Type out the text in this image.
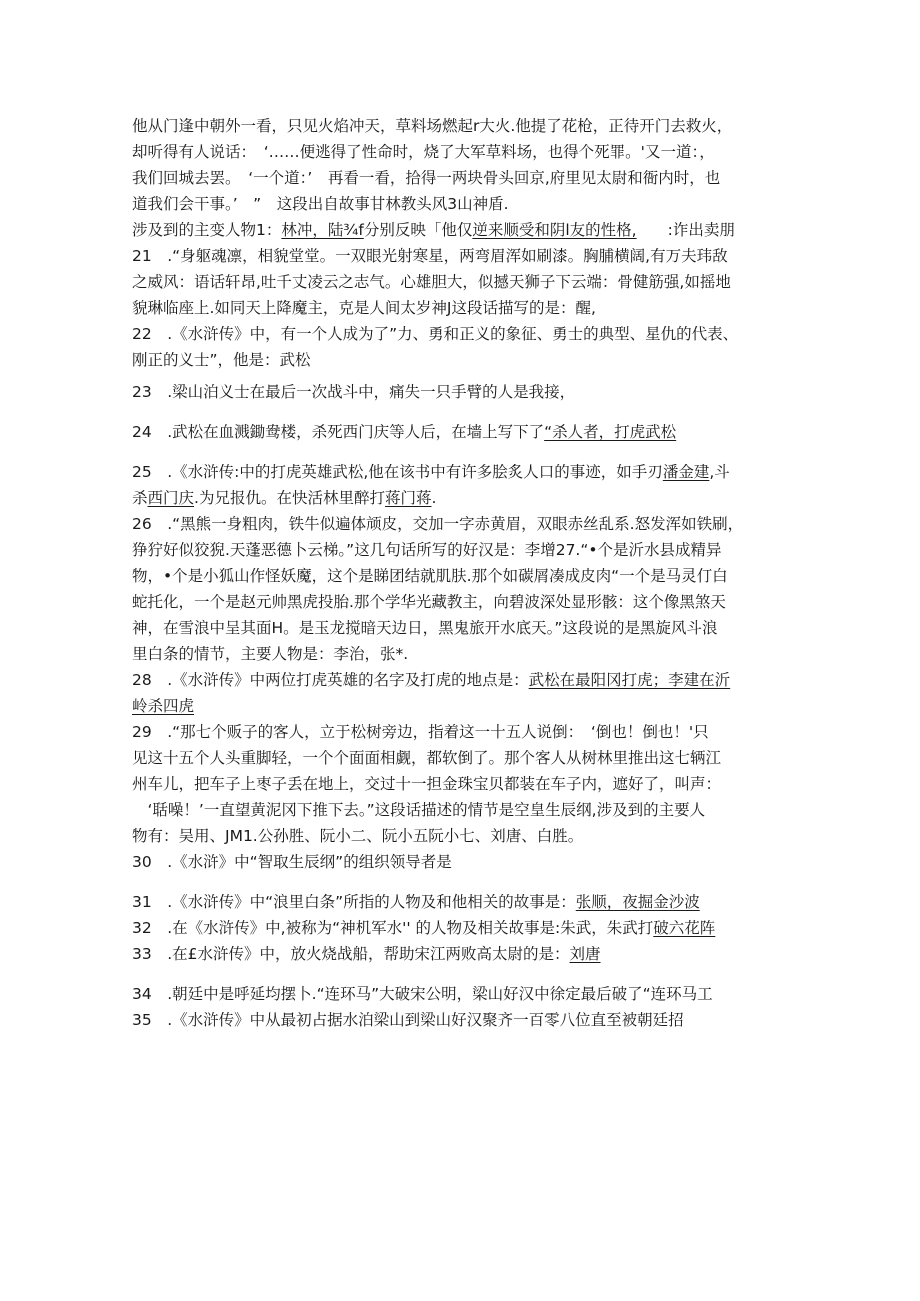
他从门逢中朝外一看，只见火焰冲天，草料场燃起r大火.他提了花枪，正待开门去救火，
却听得有人说话：　‘……便逃得了性命时，烧了大军草料场，也得个死罪。'又一道：，
我们回城去罢。　‘一个道：’　再看一看，拾得一两块骨头回京,府里见太尉和衙内时，也
道我们会干事。’　”　这段出自故事甘林教头风3山神盾.
涉及到的主变人物1：林冲，陆¾f分别反映「他仅逆来顺受和阴l友的性格,　　:诈出卖朋
21　.“身躯魂凛，相貌堂堂。一双眼光射寒星，两弯眉浑如刷漆。胸脯横阔,有万夫玮敌
之威风：语话轩昂,吐千丈凌云之志气。心雄胆大，似撼天狮子下云端：骨健筋强,如摇地
貌琳临座上.如同天上降魔主，克是人间太岁神J这段话描写的是：醒,
22　.《水浒传》中，有一个人成为了”力、勇和正义的象征、勇士的典型、星仇的代表、
刚正的义士”，他是：武松
23　.梁山泊义士在最后一次战斗中，痛失一只手臂的人是我接，
24　.武松在血溅鋤鸯楼，杀死西门庆等人后，在墙上写下了“杀人者，打虎武松
25　.《水浒传:中的打虎英雄武松,他在该书中有许多脍炙人口的事迹，如手刃潘金建,斗
杀西门庆.为兄报仇。在快活林里醉打蒋门蒋.
26　.“黑熊一身粗肉，铁牛似遍体颃皮，交加一字赤黄眉，双眼赤丝乱系.怒发浑如铁刷，
狰狞好似狡猊.天蓬恶德卜云梯。”这几句话所写的好汉是：李增27.“•个是沂水县成精异
物，•个是小狐山作怪妖魔，这个是睇团结就肌肤.那个如碳屑凑成皮肉“一个是马灵仃白
蛇托化，一个是赵元帅黑虎投胎.那个学华光藏教主，向碧波深处显形骸：这个像黑煞天
神，在雪浪中呈其面H。是玉龙搅暗天边日，黑鬼旅开水底天。”这段说的是黑旋风斗浪
里白条的情节，主要人物是：李治，张*.
28　.《水浒传》中两位打虎英雄的名字及打虎的地点是：武松在最阳冈打虎；李建在沂
岭杀四虎
29　.“那七个贩子的客人，立于松树旁边，指着这一十五人说倒：　‘倒也！倒也！'只
见这十五个人头重脚轻，一个个面面相觑，都软倒了。那个客人从树林里推出这七辆江
州车儿，把车子上枣子丢在地上，交过十一担金珠宝贝都装在车子内，遮好了，叫声：
　‘聒噪！’一直望黄泥冈下推下去。”这段话描述的情节是空皇生辰纲,涉及到的主要人
物有：吴用、JM1.公孙胜、阮小二、阮小五阮小七、刘唐、白胜。
30　.《水浒》中“智取生辰纲”的组织领导者是
31　.《水浒传》中“浪里白条”所指的人物及和他相关的故事是：张顺，夜掘金沙波
32　.在《水浒传》中,被称为“神机军水'' 的人物及相关故事是:朱武，朱武打破六花阵
33　.在£水浒传》中，放火烧战船，帮助宋江两败高太尉的是：刘唐
34　.朝廷中是呼延均摆卜.“连环马”大破宋公明，梁山好汉中徐定最后破了“连环马工
35　.《水浒传》中从最初占据水泊梁山到梁山好汉聚齐一百零八位直至被朝廷招
